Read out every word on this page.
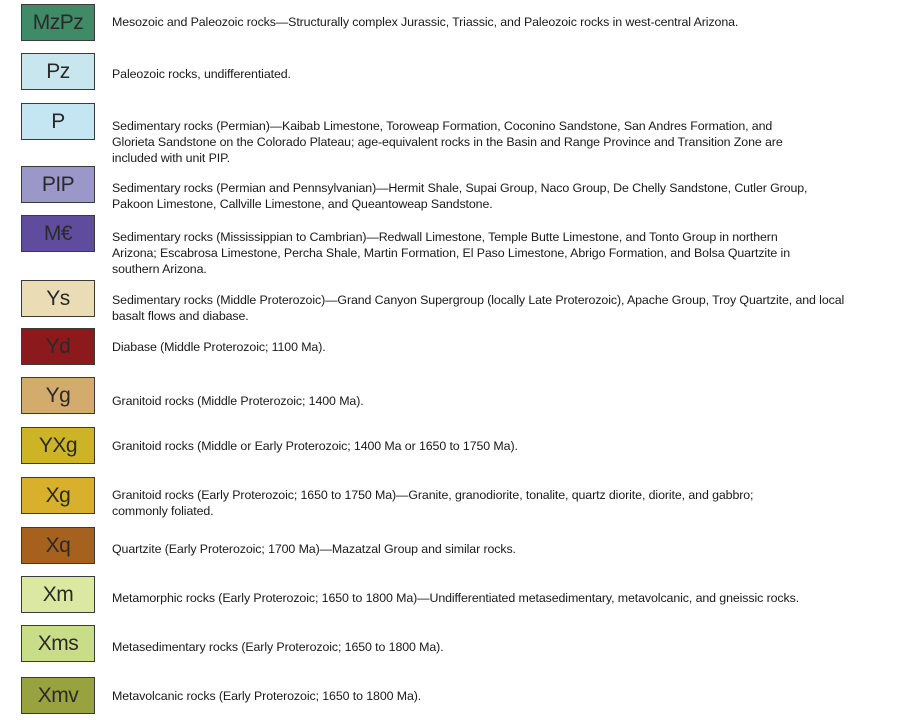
MzPz	Mesozoic and Paleozoic rocks—Structurally complex Jurassic, Triassic, and Paleozoic rocks in west-central Arizona.
Pz	Paleozoic rocks, undifferentiated.
P	Sedimentary rocks (Permian)—Kaibab Limestone, Toroweap Formation, Coconino Sandstone, San Andres Formation, and
Glorieta Sandstone on the Colorado Plateau; age-equivalent rocks in the Basin and Range Province and Transition Zone are
included with unit PIP.
PIP	Sedimentary rocks (Permian and Pennsylvanian)—Hermit Shale, Supai Group, Naco Group, De Chelly Sandstone, Cutler Group,
Pakoon Limestone, Callville Limestone, and Queantoweap Sandstone.
M€	Sedimentary rocks (Mississippian to Cambrian)—Redwall Limestone, Temple Butte Limestone, and Tonto Group in northern
Arizona; Escabrosa Limestone, Percha Shale, Martin Formation, El Paso Limestone, Abrigo Formation, and Bolsa Quartzite in
southern Arizona.
Ys	Sedimentary rocks (Middle Proterozoic)—Grand Canyon Supergroup (locally Late Proterozoic), Apache Group, Troy Quartzite, and local
basalt flows and diabase.
Yd	Diabase (Middle Proterozoic; 1100 Ma).
Yg	Granitoid rocks (Middle Proterozoic; 1400 Ma).
YXg	Granitoid rocks (Middle or Early Proterozoic; 1400 Ma or 1650 to 1750 Ma).
Xg	Granitoid rocks (Early Proterozoic; 1650 to 1750 Ma)—Granite, granodiorite, tonalite, quartz diorite, diorite, and gabbro;
commonly foliated.
Xq	Quartzite (Early Proterozoic; 1700 Ma)—Mazatzal Group and similar rocks.
Xm	Metamorphic rocks (Early Proterozoic; 1650 to 1800 Ma)—Undifferentiated metasedimentary, metavolcanic, and gneissic rocks.
Xms	Metasedimentary rocks (Early Proterozoic; 1650 to 1800 Ma).
Xmv	Metavolcanic rocks (Early Proterozoic; 1650 to 1800 Ma).
